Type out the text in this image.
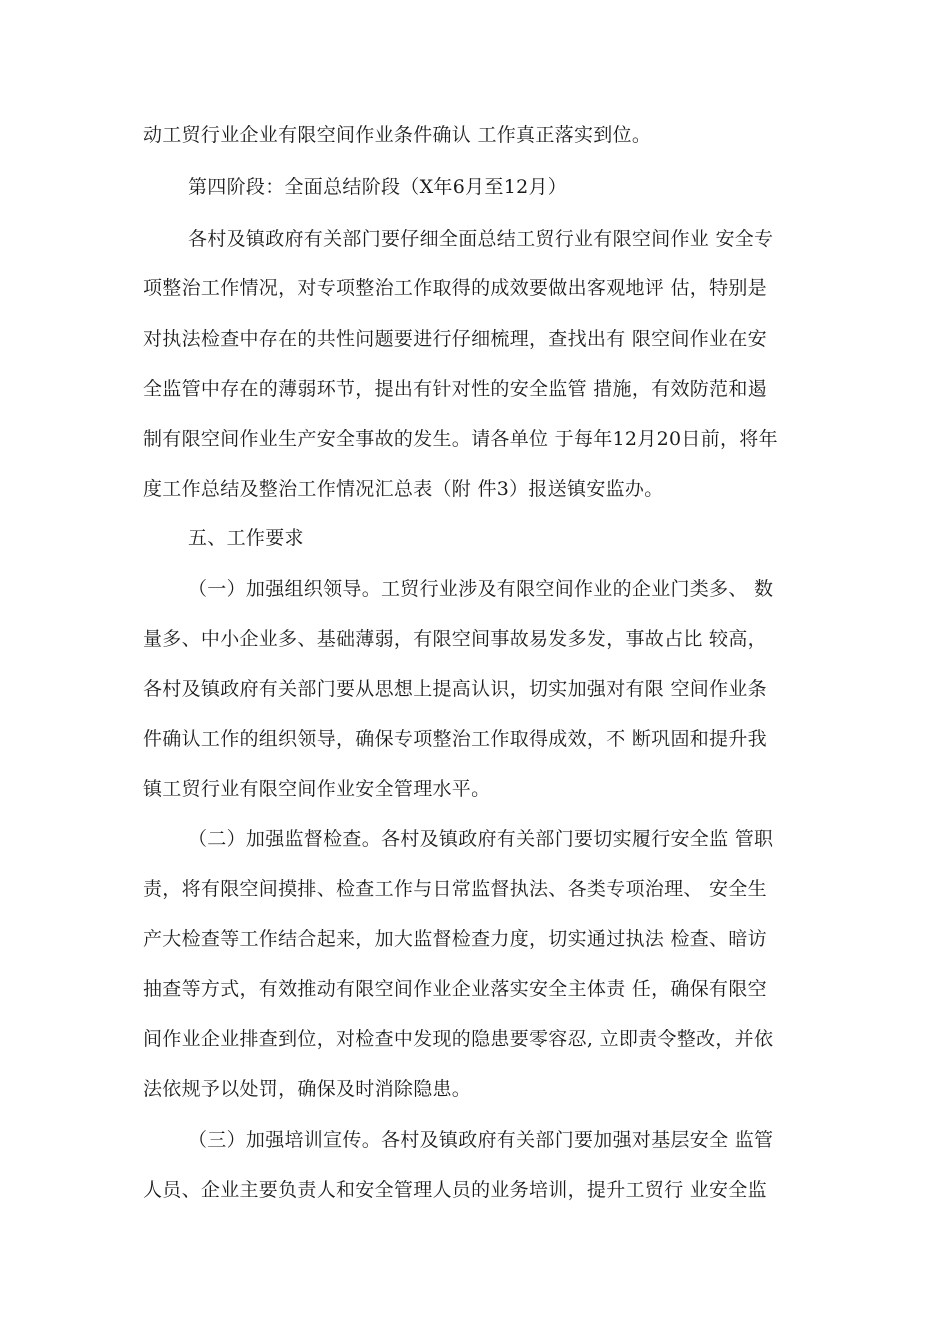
动工贸行业企业有限空间作业条件确认 工作真正落实到位。
第四阶段：全面总结阶段（X年6月至12月）
各村及镇政府有关部门要仔细全面总结工贸行业有限空间作业 安全专
项整治工作情况，对专项整治工作取得的成效要做出客观地评 估，特别是
对执法检查中存在的共性问题要进行仔细梳理，查找出有 限空间作业在安
全监管中存在的薄弱环节，提出有针对性的安全监管 措施，有效防范和遏
制有限空间作业生产安全事故的发生。请各单位 于每年12月20日前，将年
度工作总结及整治工作情况汇总表（附 件3）报送镇安监办。
五、工作要求
（一）加强组织领导。工贸行业涉及有限空间作业的企业门类多、 数
量多、中小企业多、基础薄弱，有限空间事故易发多发，事故占比 较高，
各村及镇政府有关部门要从思想上提高认识，切实加强对有限 空间作业条
件确认工作的组织领导，确保专项整治工作取得成效，不 断巩固和提升我
镇工贸行业有限空间作业安全管理水平。
（二）加强监督检查。各村及镇政府有关部门要切实履行安全监 管职
责，将有限空间摸排、检查工作与日常监督执法、各类专项治理、 安全生
产大检查等工作结合起来，加大监督检查力度，切实通过执法 检查、暗访
抽查等方式，有效推动有限空间作业企业落实安全主体责 任，确保有限空
间作业企业排查到位，对检查中发现的隐患要零容忍, 立即责令整改，并依
法依规予以处罚，确保及时消除隐患。
（三）加强培训宣传。各村及镇政府有关部门要加强对基层安全 监管
人员、企业主要负责人和安全管理人员的业务培训，提升工贸行 业安全监
